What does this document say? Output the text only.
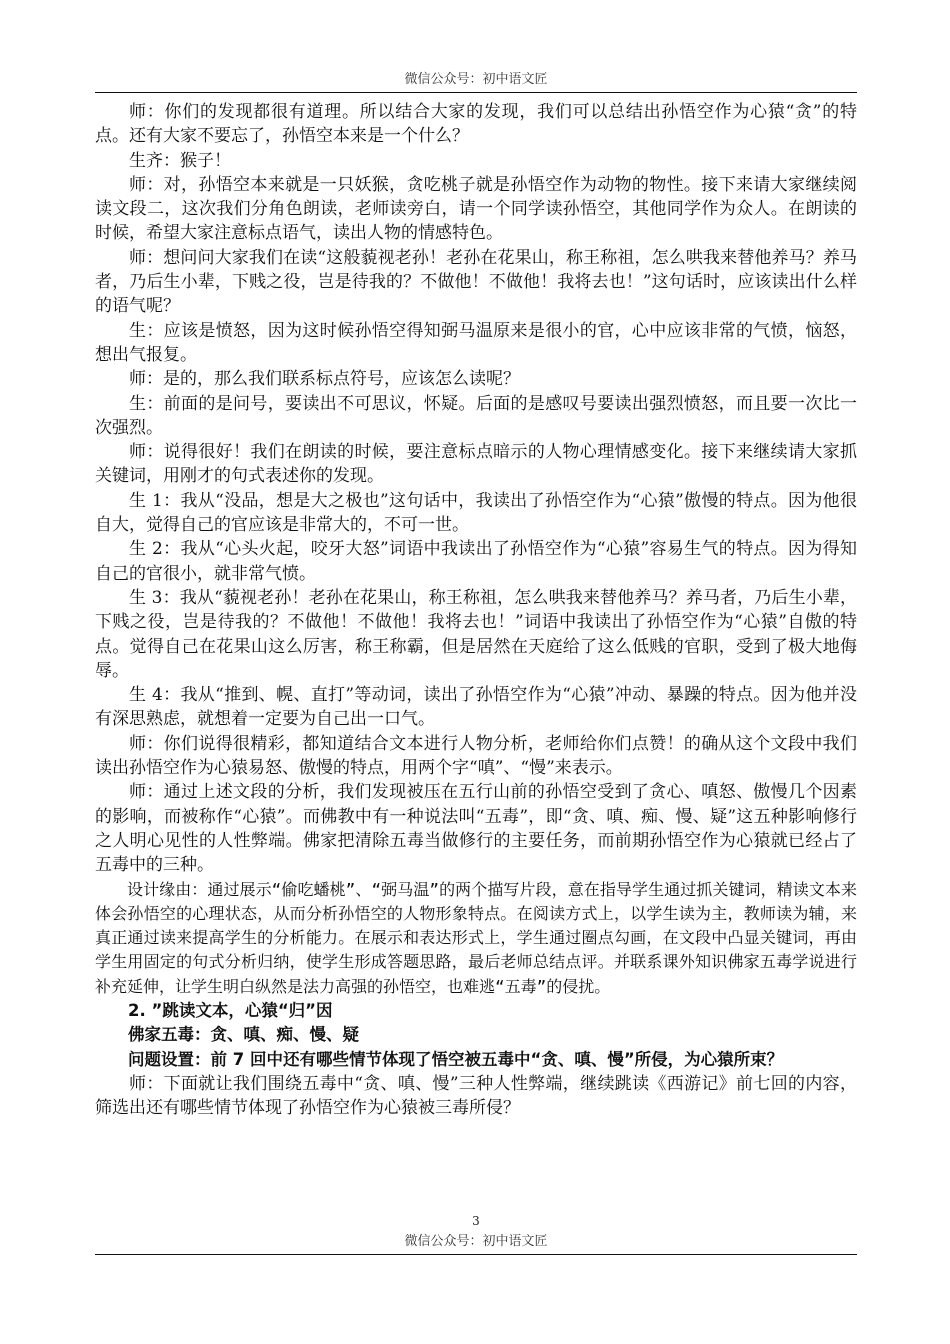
微信公众号：初中语文匠

师：你们的发现都很有道理。所以结合大家的发现，我们可以总结出孙悟空作为心猿“贪”的特点。还有大家不要忘了，孙悟空本来是一个什么？

生齐：猴子！

师：对，孙悟空本来就是一只妖猴，贪吃桃子就是孙悟空作为动物的物性。接下来请大家继续阅读文段二，这次我们分角色朗读，老师读旁白，请一个同学读孙悟空，其他同学作为众人。在朗读的时候，希望大家注意标点语气，读出人物的情感特色。

师：想问问大家我们在读“这般藐视老孙！老孙在花果山，称王称祖，怎么哄我来替他养马？养马者，乃后生小辈，下贱之役，岂是待我的？不做他！不做他！我将去也！”这句话时，应该读出什么样的语气呢？

生：应该是愤怒，因为这时候孙悟空得知弼马温原来是很小的官，心中应该非常的气愤，恼怒，想出气报复。

师：是的，那么我们联系标点符号，应该怎么读呢？

生：前面的是问号，要读出不可思议，怀疑。后面的是感叹号要读出强烈愤怒，而且要一次比一次强烈。

师：说得很好！我们在朗读的时候，要注意标点暗示的人物心理情感变化。接下来继续请大家抓关键词，用刚才的句式表述你的发现。

生 1：我从“没品，想是大之极也”这句话中，我读出了孙悟空作为“心猿”傲慢的特点。因为他很自大，觉得自己的官应该是非常大的，不可一世。

生 2：我从“心头火起，咬牙大怒”词语中我读出了孙悟空作为“心猿”容易生气的特点。因为得知自己的官很小，就非常气愤。

生 3：我从“藐视老孙！老孙在花果山，称王称祖，怎么哄我来替他养马？养马者，乃后生小辈，下贱之役，岂是待我的？不做他！不做他！我将去也！”词语中我读出了孙悟空作为“心猿”自傲的特点。觉得自己在花果山这么厉害，称王称霸，但是居然在天庭给了这么低贱的官职，受到了极大地侮辱。

生 4：我从“推到、幌、直打”等动词，读出了孙悟空作为“心猿”冲动、暴躁的特点。因为他并没有深思熟虑，就想着一定要为自己出一口气。

师：你们说得很精彩，都知道结合文本进行人物分析，老师给你们点赞！的确从这个文段中我们读出孙悟空作为心猿易怒、傲慢的特点，用两个字“嗔”、“慢”来表示。

师：通过上述文段的分析，我们发现被压在五行山前的孙悟空受到了贪心、嗔怒、傲慢几个因素的影响，而被称作“心猿”。而佛教中有一种说法叫“五毒”，即“贪、嗔、痴、慢、疑”这五种影响修行之人明心见性的人性弊端。佛家把清除五毒当做修行的主要任务，而前期孙悟空作为心猿就已经占了五毒中的三种。

设计缘由：通过展示“偷吃蟠桃”、“弼马温”的两个描写片段，意在指导学生通过抓关键词，精读文本来体会孙悟空的心理状态，从而分析孙悟空的人物形象特点。在阅读方式上，以学生读为主，教师读为辅，来真正通过读来提高学生的分析能力。在展示和表达形式上，学生通过圈点勾画，在文段中凸显关键词，再由学生用固定的句式分析归纳，使学生形成答题思路，最后老师总结点评。并联系课外知识佛家五毒学说进行补充延伸，让学生明白纵然是法力高强的孙悟空，也难逃“五毒”的侵扰。

2. ”跳读文本，心猿“归”因

佛家五毒：贪、嗔、痴、慢、疑

问题设置：前 7 回中还有哪些情节体现了悟空被五毒中“贪、嗔、慢”所侵，为心猿所束？

师：下面就让我们围绕五毒中“贪、嗔、慢”三种人性弊端，继续跳读《西游记》前七回的内容，筛选出还有哪些情节体现了孙悟空作为心猿被三毒所侵？

3
微信公众号：初中语文匠
